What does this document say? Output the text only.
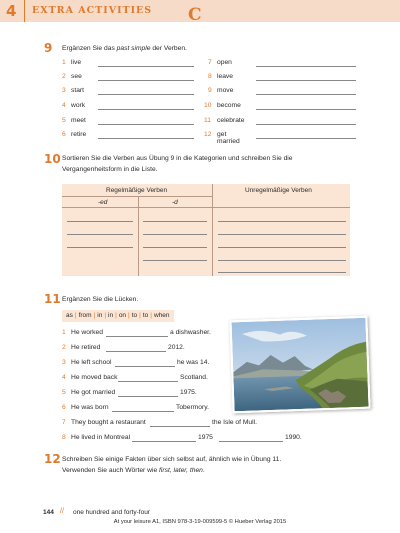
4 EXTRA ACTIVITIES C
9 Ergänzen Sie das past simple der Verben.
1 live
2 see
3 start
4 work
5 meet
6 retire
7 open
8 leave
9 move
10 become
11 celebrate
12 get married
10 Sortieren Sie die Verben aus Übung 9 in die Kategorien und schreiben Sie die
Vergangenheitsform in die Liste.
Regelmäßige Verben	Unregelmäßige Verben
-ed	-d
11 Ergänzen Sie die Lücken.
as | from | in | in | on | to | to | when
1 He worked	a dishwasher.
2 He retired	2012.
3 He left school	he was 14.
4 He moved back	Scotland.
5 He got married	1975.
6 He was born	Tobermory.
7 They bought a restaurant	the Isle of Mull.
8 He lived in Montreal	1975	1990.
12 Schreiben Sie einige Fakten über sich selbst auf, ähnlich wie in Übung 11.
Verwenden Sie auch Wörter wie first, later, then.
144 // one hundred and forty-four
At your leisure A1, ISBN 978-3-19-009599-5 © Hueber Verlag 2015
